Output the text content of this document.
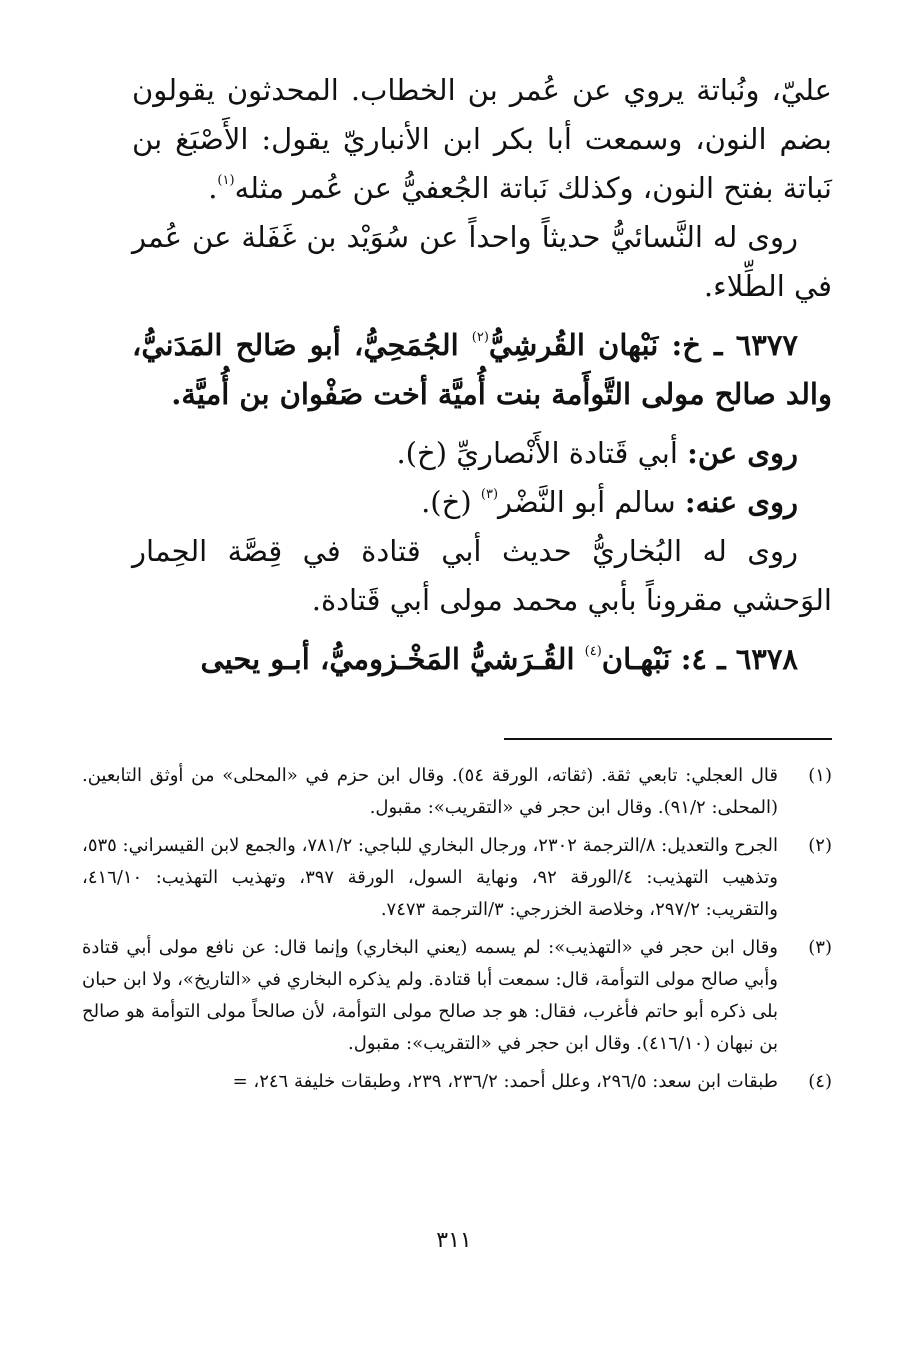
عليّ، ونُباتة يروي عن عُمر بن الخطاب. المحدثون يقولون بضم النون، وسمعت أبا بكر ابن الأنباريّ يقول: الأَصْبَغ بن نَباتة بفتح النون، وكذلك نَباتة الجُعفيُّ عن عُمر مثله$^{(١)}$.

روى له النَّسائيُّ حديثاً واحداً عن سُوَيْد بن غَفَلة عن عُمر في الطِّلاء.

٦٣٧٧ ـ خ: نَبْهان القُرشِيُّ$^{(٢)}$ الجُمَحِيُّ، أبو صَالح المَدَنيُّ، والد صالح مولى التَّوأَمة بنت أُميَّة أخت صَفْوان بن أُميَّة.

روى عن: أبي قَتادة الأَنْصاريِّ (خ).

روى عنه: سالم أبو النَّضْر$^{(٣)}$ (خ).

روى له البُخاريُّ حديث أبي قتادة في قِصَّة الحِمار الوَحشي مقروناً بأبي محمد مولى أبي قَتادة.

٦٣٧٨ ـ ٤: نَبْهـان$^{(٤)}$ القُـرَشيُّ المَخْـزوميُّ، أبـو يحيى

(١)
قال العجلي: تابعي ثقة. (ثقاته، الورقة ٥٤). وقال ابن حزم في «المحلى» من أوثق التابعين. (المحلى: ٩١/٢). وقال ابن حجر في «التقريب»: مقبول.
(٢)
الجرح والتعديل: ٨/الترجمة ٢٣٠٢، ورجال البخاري للباجي: ٧٨١/٢، والجمع لابن القيسراني: ٥٣٥، وتذهيب التهذيب: ٤/الورقة ٩٢، ونهاية السول، الورقة ٣٩٧، وتهذيب التهذيب: ٤١٦/١٠، والتقريب: ٢٩٧/٢، وخلاصة الخزرجي: ٣/الترجمة ٧٤٧٣.
(٣)
وقال ابن حجر في «التهذيب»: لم يسمه (يعني البخاري) وإنما قال: عن نافع مولى أبي قتادة وأبي صالح مولى التوأمة، قال: سمعت أبا قتادة. ولم يذكره البخاري في «التاريخ»، ولا ابن حبان بلى ذكره أبو حاتم فأغرب، فقال: هو جد صالح مولى التوأمة، لأن صالحاً مولى التوأمة هو صالح بن نبهان (٤١٦/١٠). وقال ابن حجر في «التقريب»: مقبول.
(٤)
طبقات ابن سعد: ٢٩٦/٥، وعلل أحمد: ٢٣٦/٢، ٢٣٩، وطبقات خليفة ٢٤٦، =
٣١١
